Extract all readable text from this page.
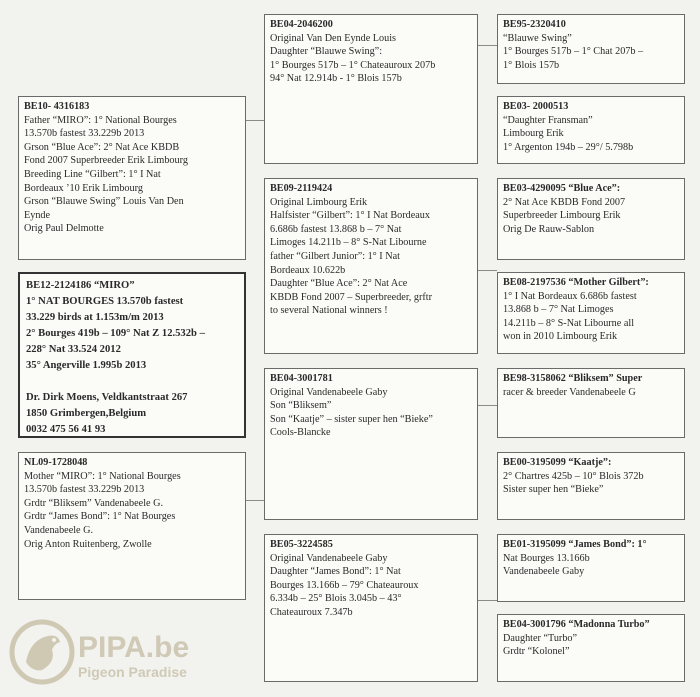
BE10- 4316183
Father “MIRO”: 1° National Bourges
13.570b fastest 33.229b 2013
Grson “Blue Ace”: 2° Nat Ace KBDB
Fond 2007 Superbreeder Erik Limbourg
Breeding Line “Gilbert”: 1° I Nat
Bordeaux ’10 Erik Limbourg
Grson “Blauwe Swing” Louis Van Den
Eynde
Orig Paul Delmotte
BE12-2124186 “MIRO”
1° NAT BOURGES 13.570b fastest
33.229 birds at 1.153m/m 2013
2° Bourges 419b – 109° Nat Z 12.532b –
228° Nat 33.524 2012
35° Angerville 1.995b 2013
Dr. Dirk Moens, Veldkantstraat 267
1850 Grimbergen,Belgium
0032 475 56 41 93
NL09-1728048
Mother “MIRO”: 1° National Bourges
13.570b fastest 33.229b 2013
Grdtr “Bliksem” Vandenabeele G.
Grdtr “James Bond”: 1° Nat Bourges
Vandenabeele G.
Orig Anton Ruitenberg, Zwolle
BE04-2046200
Original Van Den Eynde Louis
Daughter “Blauwe Swing”:
1° Bourges 517b – 1° Chateauroux 207b
94° Nat 12.914b - 1° Blois 157b
BE09-2119424
Original Limbourg Erik
Halfsister “Gilbert”: 1° I Nat Bordeaux
6.686b fastest 13.868 b – 7° Nat
Limoges 14.211b – 8° S-Nat Libourne
father “Gilbert Junior”: 1° I Nat
Bordeaux 10.622b
Daughter “Blue Ace”: 2° Nat Ace
KBDB Fond 2007 – Superbreeder, grftr
to several National winners !
BE04-3001781
Original Vandenabeele Gaby
Son “Bliksem”
Son “Kaatje” – sister super hen “Bieke”
Cools-Blancke
BE05-3224585
Original Vandenabeele Gaby
Daughter “James Bond”: 1° Nat
Bourges 13.166b – 79° Chateauroux
6.334b – 25° Blois 3.045b – 43°
Chateauroux 7.347b
BE95-2320410
“Blauwe Swing”
1° Bourges 517b – 1° Chat 207b –
1° Blois 157b
BE03- 2000513
“Daughter Fransman”
Limbourg Erik
1° Argenton 194b – 29°/ 5.798b
BE03-4290095 “Blue Ace”:
2° Nat Ace KBDB Fond 2007
Superbreeder Limbourg Erik
Orig De Rauw-Sablon
BE08-2197536 “Mother Gilbert”:
1° I Nat Bordeaux 6.686b fastest
13.868 b – 7° Nat Limoges
14.211b – 8° S-Nat Libourne all
won in 2010 Limbourg Erik
BE98-3158062 “Bliksem” Super
racer & breeder Vandenabeele G
BE00-3195099 “Kaatje”:
2° Chartres 425b – 10° Blois 372b
Sister super hen “Bieke”
BE01-3195099 “James Bond”: 1°
Nat Bourges 13.166b
Vandenabeele Gaby
BE04-3001796 “Madonna Turbo”
Daughter “Turbo”
Grdtr “Kolonel”
PIPA.be
Pigeon Paradise
